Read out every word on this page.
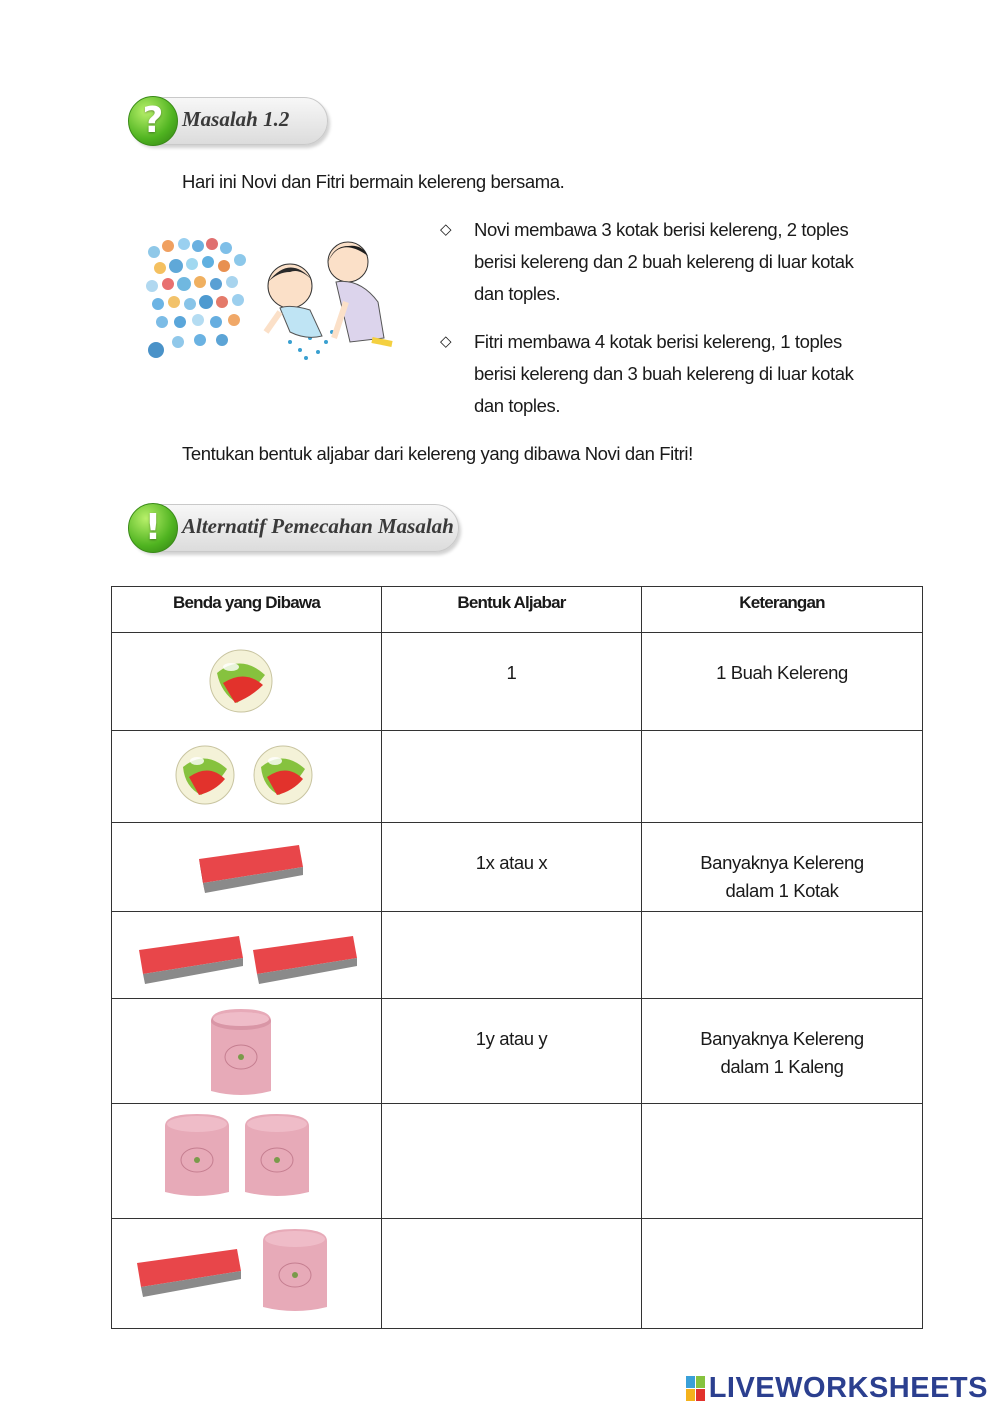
? Masalah 1.2
Hari ini Novi dan Fitri bermain kelereng bersama.
◇ Novi membawa 3 kotak berisi kelereng, 2 toples berisi kelereng dan 2 buah kelereng di luar kotak dan toples.
◇ Fitri membawa 4 kotak berisi kelereng, 1 toples berisi kelereng dan 3 buah kelereng di luar kotak dan toples.
Tentukan bentuk aljabar dari kelereng yang dibawa Novi dan Fitri!
! Alternatif Pemecahan Masalah
Benda yang Dibawa	Bentuk Aljabar	Keterangan

1	1 Buah Kelereng

1x atau x	Banyaknya Kelereng dalam 1 Kotak

1y atau y	Banyaknya Kelereng dalam 1 Kaleng

LIVEWORKSHEETS
